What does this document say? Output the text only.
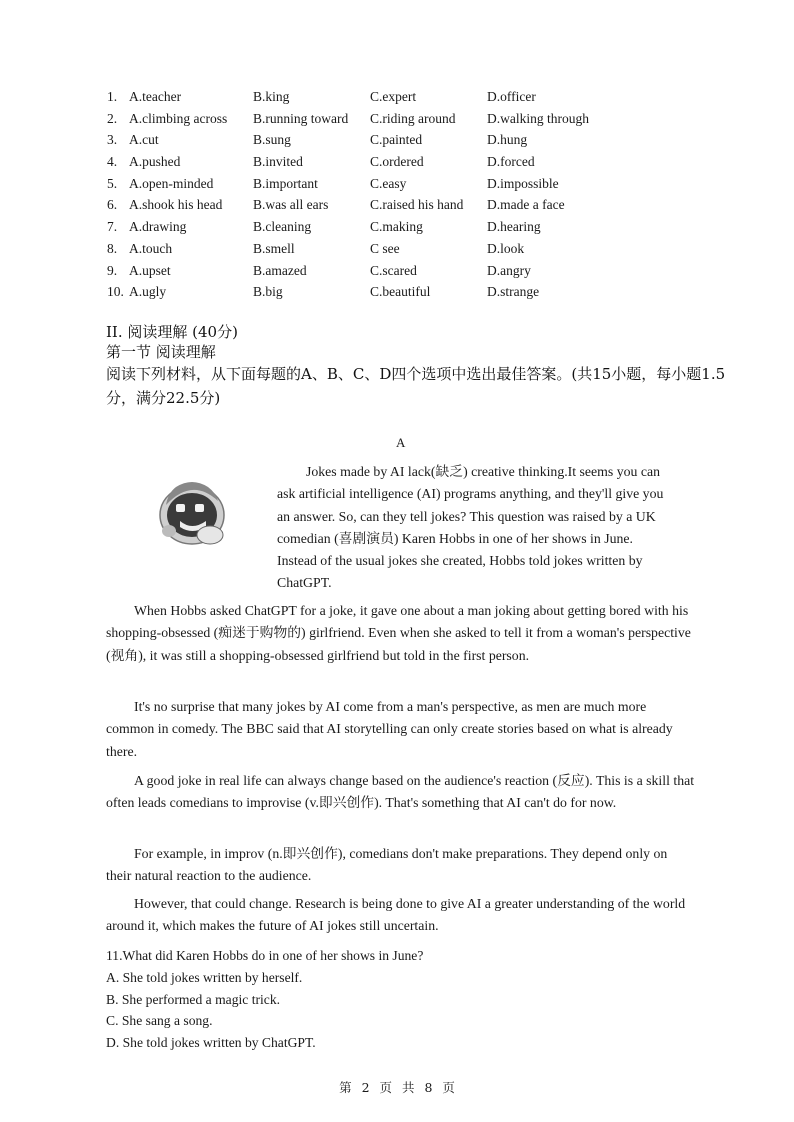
1. A.teacher	B.king	C.expert	D.officer
2. A.climbing across	B.running toward	C.riding around	D.walking through
3. A.cut	B.sung	C.painted	D.hung
4. A.pushed	B.invited	C.ordered	D.forced
5. A.open-minded	B.important	C.easy	D.impossible
6. A.shook his head	B.was all ears	C.raised his hand	D.made a face
7. A.drawing	B.cleaning	C.making	D.hearing
8. A.touch	B.smell	C see	D.look
9. A.upset	B.amazed	C.scared	D.angry
10. A.ugly	B.big	C.beautiful	D.strange
II. 阅读理解 (40分)
第一节 阅读理解

阅读下列材料，从下面每题的A、B、C、D四个选项中选出最佳答案。(共15小题，每小题1.5分，满分22.5分)

A

Jokes made by AI lack(缺乏) creative thinking.It seems you can ask artificial intelligence (AI) programs anything, and they'll give you an answer. So, can they tell jokes? This question was raised by a UK comedian (喜剧演员) Karen Hobbs in one of her shows in June. Instead of the usual jokes she created, Hobbs told jokes written by ChatGPT.

When Hobbs asked ChatGPT for a joke, it gave one about a man joking about getting bored with his shopping-obsessed (痴迷于购物的) girlfriend. Even when she asked to tell it from a woman's perspective (视角), it was still a shopping-obsessed girlfriend but told in the first person.

It's no surprise that many jokes by AI come from a man's perspective, as men are much more common in comedy. The BBC said that AI storytelling can only create stories based on what is already there.

A good joke in real life can always change based on the audience's reaction (反应). This is a skill that often leads comedians to improvise (v.即兴创作). That's something that AI can't do for now.

For example, in improv (n.即兴创作), comedians don't make preparations. They depend only on their natural reaction to the audience.

However, that could change. Research is being done to give AI a greater understanding of the world around it, which makes the future of AI jokes still uncertain.

11.What did Karen Hobbs do in one of her shows in June?
A. She told jokes written by herself.
B. She performed a magic trick.
C. She sang a song.
D. She told jokes written by ChatGPT.
第 2 页 共 8 页
